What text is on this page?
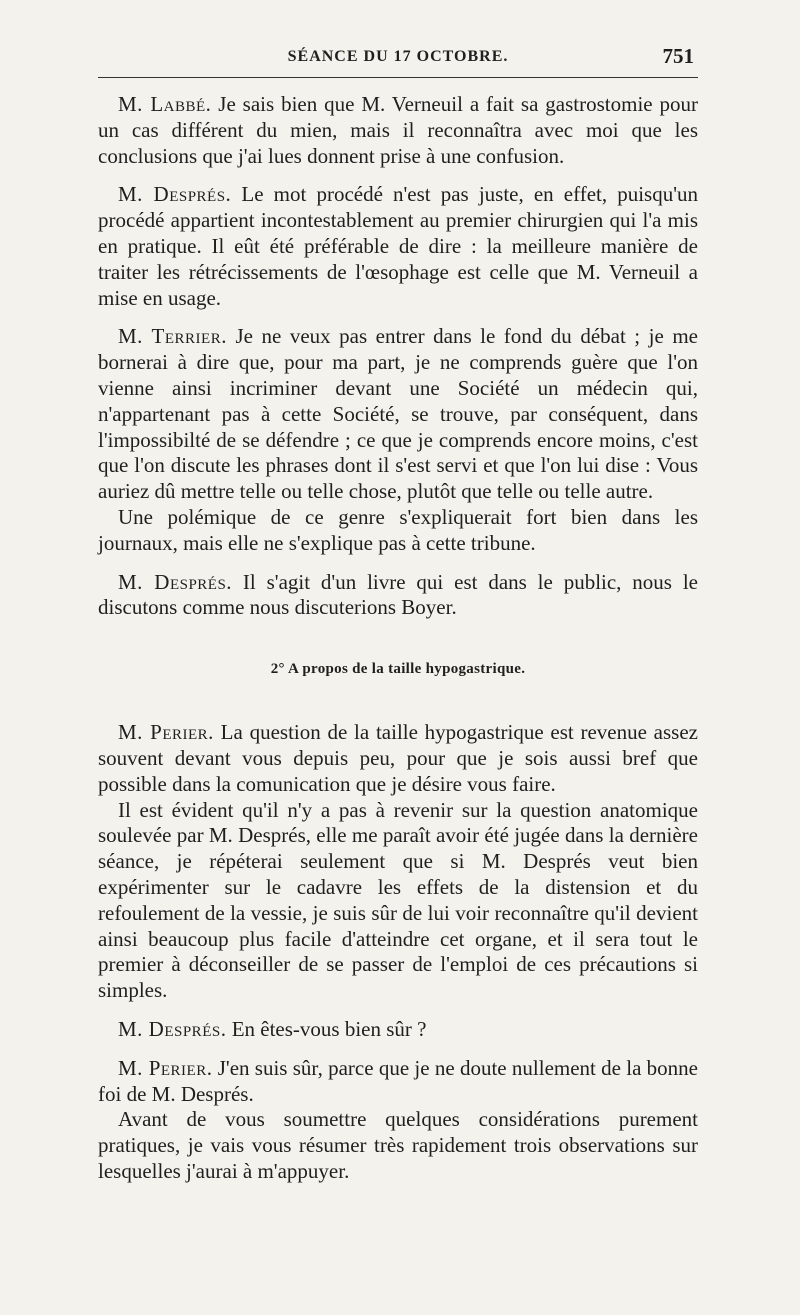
SÉANCE DU 17 OCTOBRE.	751

M. Labbé. Je sais bien que M. Verneuil a fait sa gastrostomie pour un cas différent du mien, mais il reconnaîtra avec moi que les conclusions que j'ai lues donnent prise à une confusion.

M. Després. Le mot procédé n'est pas juste, en effet, puisqu'un procédé appartient incontestablement au premier chirurgien qui l'a mis en pratique. Il eût été préférable de dire : la meilleure manière de traiter les rétrécissements de l'œsophage est celle que M. Verneuil a mise en usage.

M. Terrier. Je ne veux pas entrer dans le fond du débat ; je me bornerai à dire que, pour ma part, je ne comprends guère que l'on vienne ainsi incriminer devant une Société un médecin qui, n'appartenant pas à cette Société, se trouve, par conséquent, dans l'impossibilté de se défendre ; ce que je comprends encore moins, c'est que l'on discute les phrases dont il s'est servi et que l'on lui dise : Vous auriez dû mettre telle ou telle chose, plutôt que telle ou telle autre.

Une polémique de ce genre s'expliquerait fort bien dans les journaux, mais elle ne s'explique pas à cette tribune.

M. Després. Il s'agit d'un livre qui est dans le public, nous le discutons comme nous discuterions Boyer.

2° A propos de la taille hypogastrique.

M. Perier. La question de la taille hypogastrique est revenue assez souvent devant vous depuis peu, pour que je sois aussi bref que possible dans la comunication que je désire vous faire.

Il est évident qu'il n'y a pas à revenir sur la question anatomique soulevée par M. Després, elle me paraît avoir été jugée dans la dernière séance, je répéterai seulement que si M. Després veut bien expérimenter sur le cadavre les effets de la distension et du refoulement de la vessie, je suis sûr de lui voir reconnaître qu'il devient ainsi beaucoup plus facile d'atteindre cet organe, et il sera tout le premier à déconseiller de se passer de l'emploi de ces précautions si simples.

M. Després. En êtes-vous bien sûr ?

M. Perier. J'en suis sûr, parce que je ne doute nullement de la bonne foi de M. Després.

Avant de vous soumettre quelques considérations purement pratiques, je vais vous résumer très rapidement trois observations sur lesquelles j'aurai à m'appuyer.
